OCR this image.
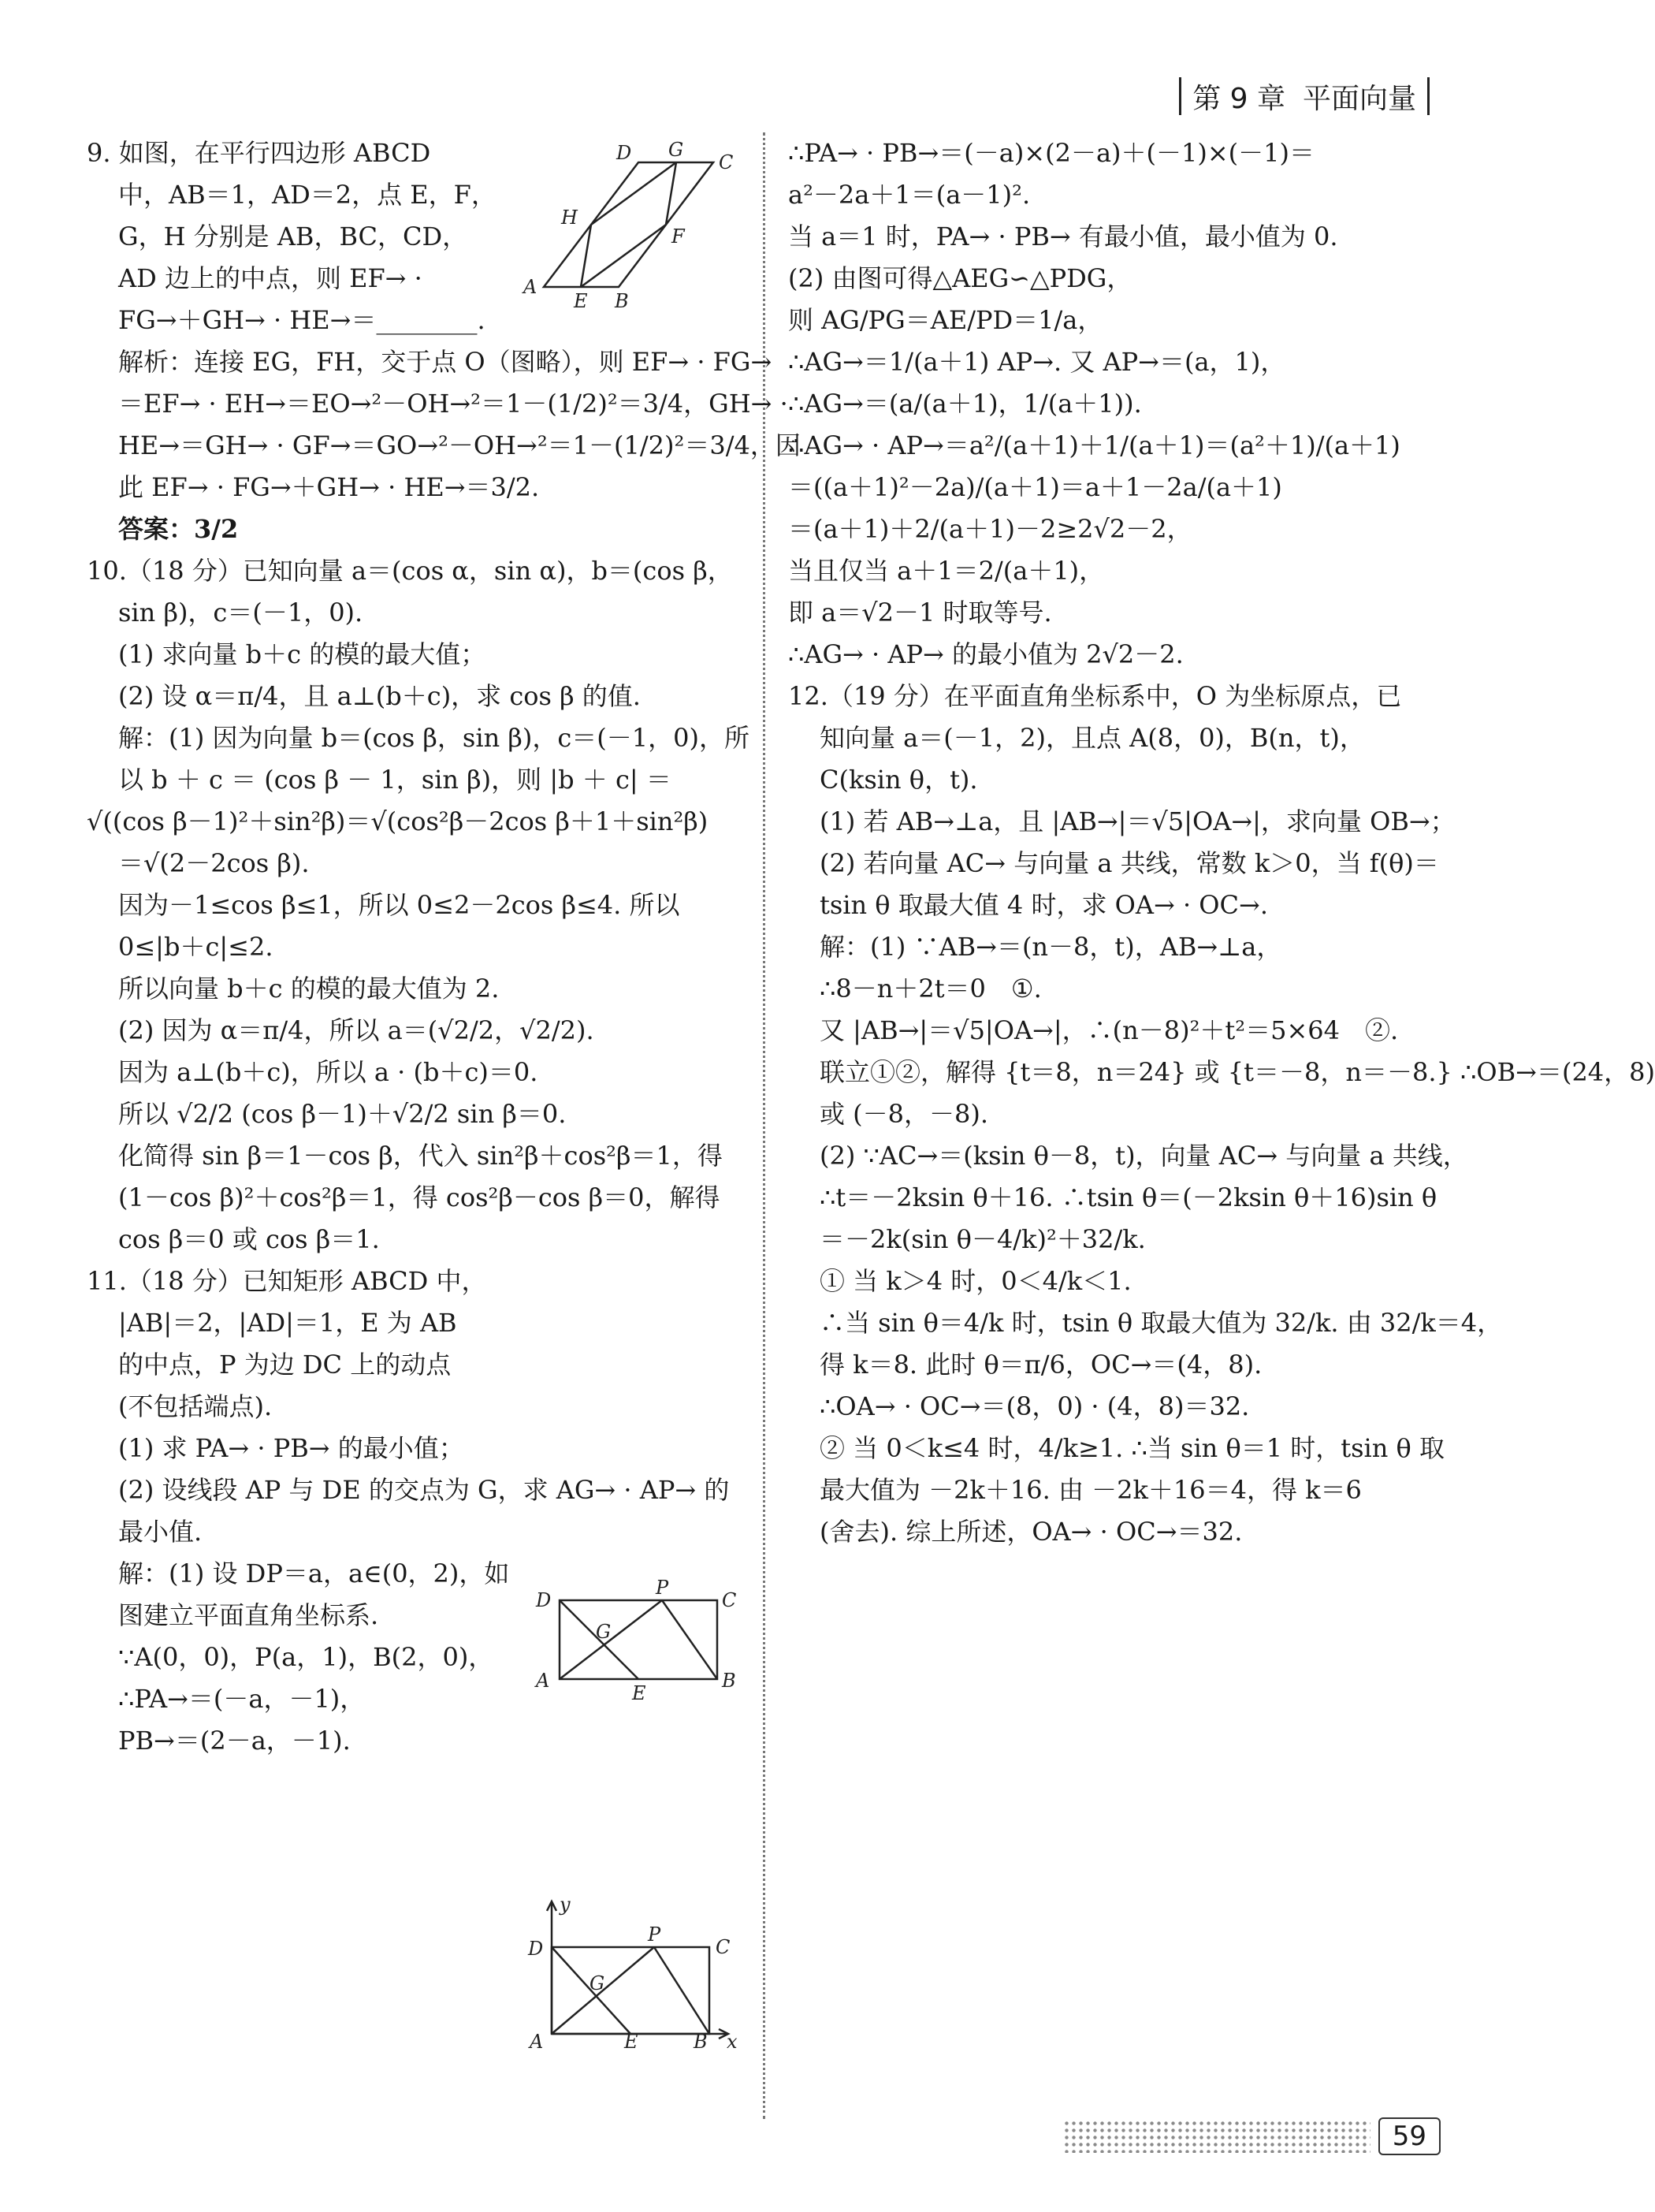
第 9 章 平面向量
9. 如图，在平行四边形 ABCD
中，AB＝1，AD＝2，点 E，F，
G，H 分别是 AB，BC，CD，
AD 边上的中点，则 EF→ ·
FG→＋GH→ · HE→＝________.
解析：连接 EG，FH，交于点 O（图略），则 EF→ · FG→
＝EF→ · EH→＝EO→²－OH→²＝1－(1/2)²＝3/4，GH→ ·
HE→＝GH→ · GF→＝GO→²－OH→²＝1－(1/2)²＝3/4，因
此 EF→ · FG→＋GH→ · HE→＝3/2.
答案：3/2
10.（18 分）已知向量 a＝(cos α，sin α)，b＝(cos β，
sin β)，c＝(－1，0).
(1) 求向量 b＋c 的模的最大值；
(2) 设 α＝π/4，且 a⊥(b＋c)，求 cos β 的值.
解：(1) 因为向量 b＝(cos β，sin β)，c＝(－1，0)，所
以 b ＋ c ＝ (cos β － 1，sin β)，则 |b ＋ c| ＝
√((cos β－1)²＋sin²β)＝√(cos²β－2cos β＋1＋sin²β)
＝√(2－2cos β).
因为－1≤cos β≤1，所以 0≤2－2cos β≤4. 所以
0≤|b＋c|≤2.
所以向量 b＋c 的模的最大值为 2.
(2) 因为 α＝π/4，所以 a＝(√2/2，√2/2).
因为 a⊥(b＋c)，所以 a · (b＋c)＝0.
所以 √2/2 (cos β－1)＋√2/2 sin β＝0.
化简得 sin β＝1－cos β，代入 sin²β＋cos²β＝1，得
(1－cos β)²＋cos²β＝1，得 cos²β－cos β＝0，解得
cos β＝0 或 cos β＝1.
11.（18 分）已知矩形 ABCD 中，
|AB|＝2，|AD|＝1，E 为 AB
的中点，P 为边 DC 上的动点
(不包括端点).
(1) 求 PA→ · PB→ 的最小值；
(2) 设线段 AP 与 DE 的交点为 G，求 AG→ · AP→ 的
最小值.
解：(1) 设 DP＝a，a∈(0，2)，如
图建立平面直角坐标系.
∵A(0，0)，P(a，1)，B(2，0)，
∴PA→＝(－a，－1)，
PB→＝(2－a，－1).
∴PA→ · PB→＝(－a)×(2－a)＋(－1)×(－1)＝
a²－2a＋1＝(a－1)².
当 a＝1 时，PA→ · PB→ 有最小值，最小值为 0.
(2) 由图可得△AEG∽△PDG，
则 AG/PG＝AE/PD＝1/a，
∴AG→＝1/(a＋1) AP→. 又 AP→＝(a，1)，
∴AG→＝(a/(a＋1)，1/(a＋1)).
∴AG→ · AP→＝a²/(a＋1)＋1/(a＋1)＝(a²＋1)/(a＋1)
＝((a＋1)²－2a)/(a＋1)＝a＋1－2a/(a＋1)
＝(a＋1)＋2/(a＋1)－2≥2√2－2，
当且仅当 a＋1＝2/(a＋1)，
即 a＝√2－1 时取等号.
∴AG→ · AP→ 的最小值为 2√2－2.
12.（19 分）在平面直角坐标系中，O 为坐标原点，已
知向量 a＝(－1，2)，且点 A(8，0)，B(n，t)，
C(ksin θ，t).
(1) 若 AB→⊥a，且 |AB→|＝√5|OA→|，求向量 OB→；
(2) 若向量 AC→ 与向量 a 共线，常数 k＞0，当 f(θ)＝
tsin θ 取最大值 4 时，求 OA→ · OC→.
解：(1) ∵AB→＝(n－8，t)，AB→⊥a，
∴8－n＋2t＝0　①.
又 |AB→|＝√5|OA→|，∴(n－8)²＋t²＝5×64　②.
联立①②，解得 {t＝8，n＝24} 或 {t＝－8，n＝－8.} ∴OB→＝(24，8)
或 (－8，－8).
(2) ∵AC→＝(ksin θ－8，t)，向量 AC→ 与向量 a 共线，
∴t＝－2ksin θ＋16. ∴tsin θ＝(－2ksin θ＋16)sin θ
＝－2k(sin θ－4/k)²＋32/k.
① 当 k＞4 时，0＜4/k＜1.
∴当 sin θ＝4/k 时，tsin θ 取最大值为 32/k. 由 32/k＝4，
得 k＝8. 此时 θ＝π/6，OC→＝(4，8).
∴OA→ · OC→＝(8，0) · (4，8)＝32.
② 当 0＜k≤4 时，4/k≥1. ∴当 sin θ＝1 时，tsin θ 取
最大值为 －2k＋16. 由 －2k＋16＝4，得 k＝6
(舍去). 综上所述，OA→ · OC→＝32.
D G
C
H
F
A
E B
D
P
C
G
A
E
B
y
D
P
C
G
A	E	B x
59
